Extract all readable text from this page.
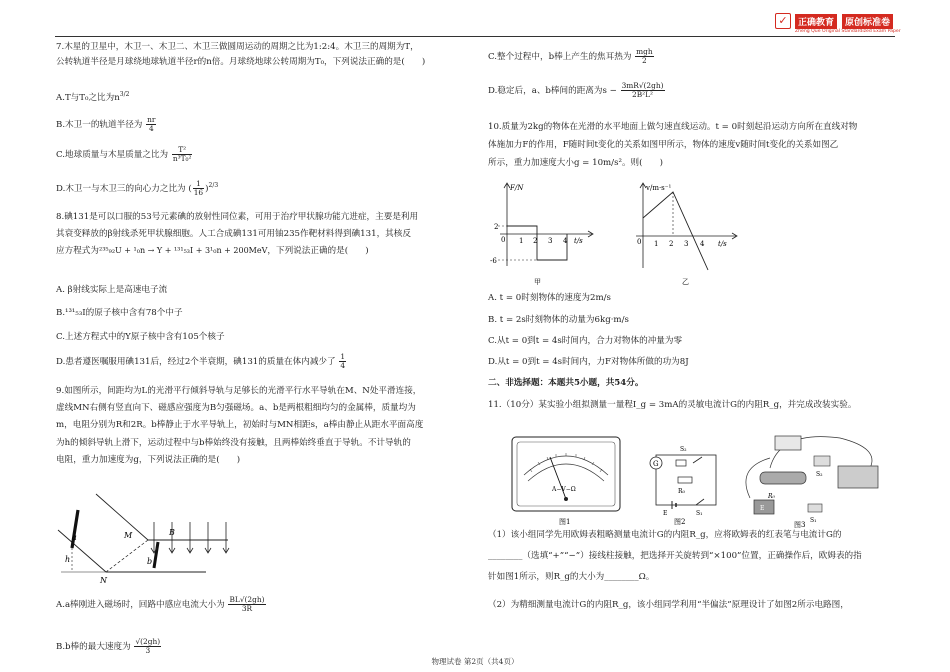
✓	正确教育	原创标准卷
Zheng Que Original Standardized Exam Paper

7.木星的卫星中，木卫一、木卫二、木卫三做圆周运动的周期之比为1:2:4。木卫三的周期为T，

公转轨道半径是月球绕地球轨道半径r的n倍。月球绕地球公转周期为T₀，下列说法正确的是(　　)

A.T与T₀之比为$n^{3/2}$
B.木卫一的轨道半径为 $\frac{nr}{4}$
C.地球质量与木星质量之比为 $\frac{\text{T²}}{\text{n³T₀²}}$
D.木卫一与木卫三的向心力之比为 ( $\frac{1}{16} )^{2/3}$

8.碘131是可以口服的53号元素碘的放射性同位素，可用于治疗甲状腺功能亢进症，主要是利用

其衰变释放的β射线杀死甲状腺细胞。人工合成碘131可用铀235作靶材料得到碘131，其核反

应方程式为²³⁵₉₂U + ¹₀n → Y + ¹³¹₅₃I + 3¹₀n + 200MeV，下列说法正确的是(　　)

A. β射线实际上是高速电子流
B.¹³¹₅₃I的原子核中含有78个中子
C.上述方程式中的Y原子核中含有105个核子
D.患者遵医嘱服用碘131后，经过2个半衰期，碘131的质量在体内减少了 $\frac{1}{4}$

9.如图所示，间距均为L的光滑平行倾斜导轨与足够长的光滑平行水平导轨在M、N处平滑连接，

虚线MN右侧有竖直向下、磁感应强度为B匀强磁场。a、b是两根粗细均匀的金属棒，质量均为

m，电阻分别为R和2R。b棒静止于水平导轨上，初始时与MN相距s，a棒由静止从距水平面高度

为h的倾斜导轨上滑下，运动过程中与b棒始终没有接触，且两棒始终垂直于导轨。不计导轨的

电阻，重力加速度为g，下列说法正确的是(　　)

a
h
M
N
b
B
A.a棒刚进入磁场时，回路中感应电流大小为 $\frac{BL√(2gh)}{3R}$
B.b棒的最大速度为 $\frac{√(2gh)}{3}$
C.整个过程中，b棒上产生的焦耳热为 $\frac{\text{mgh}}{2}$
D.稳定后，a、b棒间的距离为$s - \frac{3mR√(2gh)}{\text{2B²L²}}$

10.质量为2kg的物体在光滑的水平地面上做匀速直线运动。t = 0时刻起沿运动方向所在直线对物

体施加力F的作用，F随时间t变化的关系如图甲所示，物体的速度v随时间t变化的关系如图乙

所示，重力加速度大小g = 10m/s²。则(　　)

F/N
2
-6
0 1 2 3 4 t/s
甲
v/m·s⁻¹
0 1 2 3 4 t/s
乙
A. t = 0时刻物体的速度为2m/s
B. t = 2s时刻物体的动量为6kg·m/s
C.从t = 0到t = 4s时间内，合力对物体的冲量为零
D.从t = 0到t = 4s时间内，力F对物体所做的功为8J
二、非选择题：本题共5小题，共54分。
11.（10分）某实验小组拟测量一量程I_g = 3mA的灵敏电流计G的内阻R_g，并完成改装实验。
A−V−Ω
图1
G
S₂
R₀
E	S₁
图2
S₂
R₀
E
S₁
图3

（1）该小组同学先用欧姆表粗略测量电流计G的内阻R_g，应将欧姆表的红表笔与电流计G的

________（选填“+”“−”）接线柱接触，把选择开关旋转到“×100”位置，正确操作后，欧姆表的指

针如图1所示，则R_g的大小为________Ω。

（2）为精细测量电流计G的内阻R_g，该小组同学利用“半偏法”原理设计了如图2所示电路图，
物理试卷 第2页（共4页）
